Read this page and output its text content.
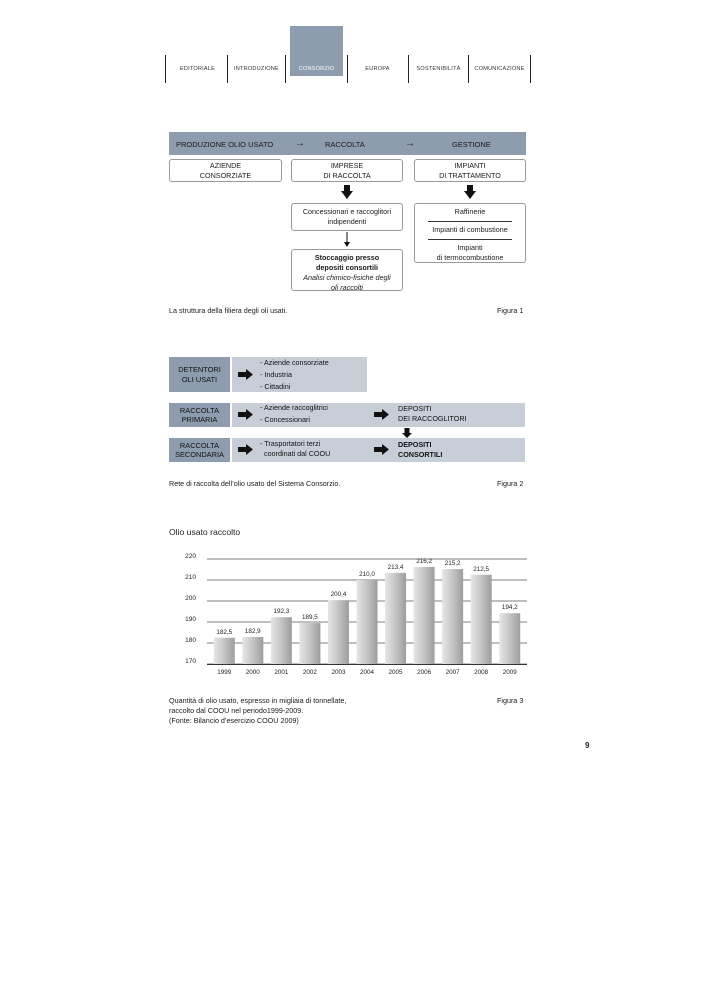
EDITORIALE	INTRODUZIONE	CONSORZIO	EUROPA	SOSTENIBILITÀ	COMUNICAZIONE
PRODUZIONE OLIO USATO →	RACCOLTA	→	GESTIONE
AZIENDE
CONSORZIATE
IMPRESE
DI RACCOLTA
IMPIANTI
DI TRATTAMENTO
Concessionari e raccoglitori
indipendenti
Stoccaggio presso
depositi consortili
Analisi chimico-fisiche degli
oli raccolti
Raffinerie
Impianti di combustione
Impianti
di termocombustione
La struttura della filiera degli oli usati.	Figura 1
DETENTORI
OLI USATI
- Aziende consorziate
- Industria
- Cittadini
RACCOLTA
PRIMARIA
- Aziende raccoglitrici
- Concessionari
DEPOSITI
DEI RACCOGLITORI
RACCOLTA
SECONDARIA
- Trasportatori terzi
coordinati dal COOU
DEPOSITI
CONSORTILI
Rete di raccolta dell’olio usato del Sistema Consorzio.	Figura 2
Olio usato raccolto
170
180
190
200
210
220
182,5
1999
182,9
2000
192,3
2001
189,5
2002
200,4
2003
210,0
2004
213,4
2005
216,2
2006
215,2
2007
212,5
2008
194,2
2009
Quantità di olio usato, espresso in migliaia di tonnellate,
raccolto dal COOU nel periodo1999-2009.
(Fonte: Bilancio d’esercizio COOU 2009)
Figura 3
9
